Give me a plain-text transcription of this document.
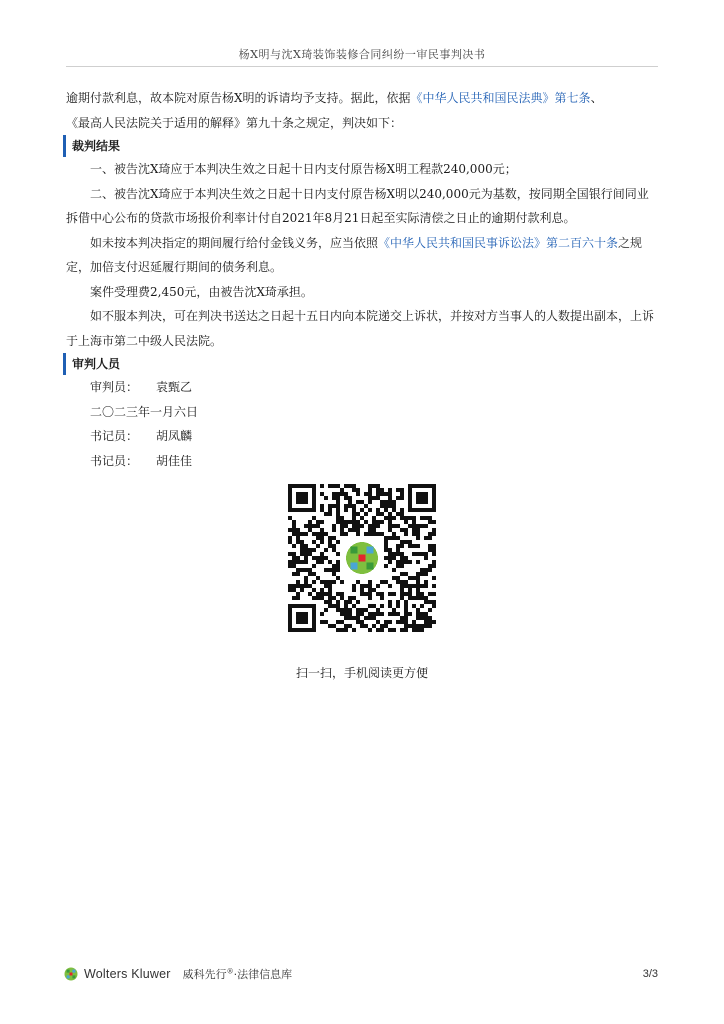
杨X明与沈X琦装饰装修合同纠纷一审民事判决书

逾期付款利息，故本院对原告杨X明的诉请均予支持。据此，依据《中华人民共和国民法典》第七条、
《最高人民法院关于适用的解释》第九十条之规定，判决如下：

裁判结果

一、被告沈X琦应于本判决生效之日起十日内支付原告杨X明工程款240,000元；

二、被告沈X琦应于本判决生效之日起十日内支付原告杨X明以240,000元为基数，按同期全国银行间同业拆借中心公布的贷款市场报价利率计付自2021年8月21日起至实际清偿之日止的逾期付款利息。

如未按本判决指定的期间履行给付金钱义务，应当依照《中华人民共和国民事诉讼法》第二百六十条之规定，加倍支付迟延履行期间的债务利息。

案件受理费2,450元，由被告沈X琦承担。

如不服本判决，可在判决书送达之日起十五日内向本院递交上诉状，并按对方当事人的人数提出副本，上诉于上海市第二中级人民法院。

审判人员
审判员：	袁甄乙
二〇二三年一月六日
书记员：	胡凤麟
书记员：	胡佳佳
扫一扫，手机阅读更方便
Wolters Kluwer 威科先行®·法律信息库	3/3
